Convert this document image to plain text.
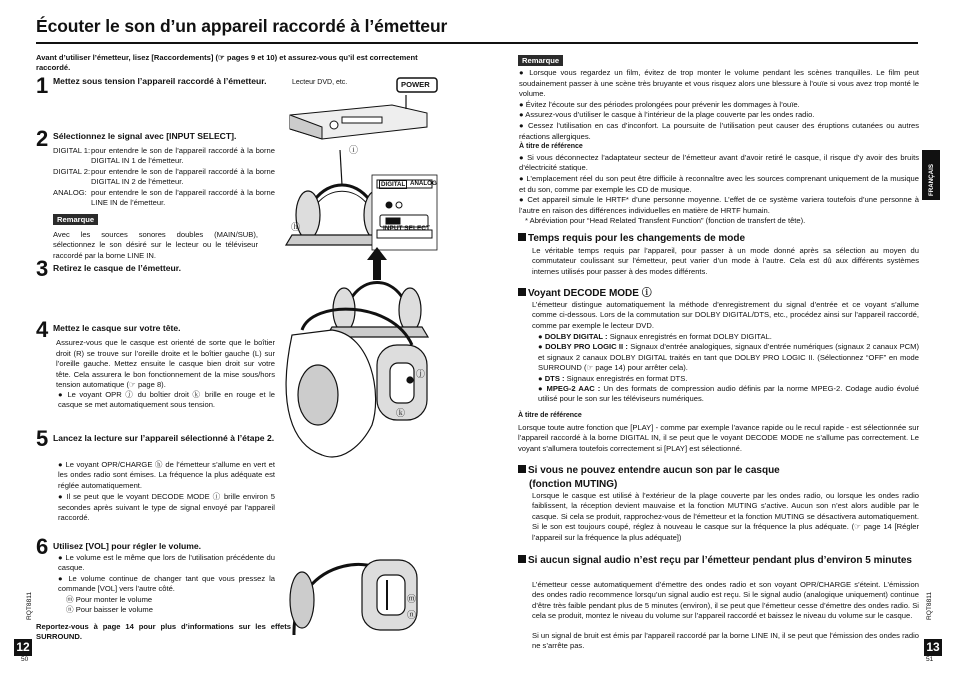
Écouter le son d’un appareil raccordé à l’émetteur
Avant d’utiliser l’émetteur, lisez [Raccordements] (☞ pages 9 et 10) et assurez-vous qu’il est correctement raccordé.
1 Mettez sous tension l’appareil raccordé à l’émetteur.
2 Sélectionnez le signal avec [INPUT SELECT].
DIGITAL 1:	pour entendre le son de l’appareil raccordé à la borne DIGITAL IN 1 de l’émetteur.
DIGITAL 2:	pour entendre le son de l’appareil raccordé à la borne DIGITAL IN 2 de l’émetteur.
ANALOG:	pour entendre le son de l’appareil raccordé à la borne LINE IN de l’émetteur.
Remarque
Avec les sources sonores doubles (MAIN/SUB), sélectionnez le son désiré sur le lecteur ou le téléviseur raccordé par la borne LINE IN.
3 Retirez le casque de l’émetteur.
4 Mettez le casque sur votre tête.
Assurez-vous que le casque est orienté de sorte que le boîtier droit (R) se trouve sur l’oreille droite et le boîtier gauche (L) sur l’oreille gauche. Mettez ensuite le casque bien droit sur votre tête. Cela assurera le bon fonctionnement de la mise sous/hors tension automatique (☞ page 8).
● Le voyant OPR ⓙ du boîtier droit ⓚ brille en rouge et le casque se met automatiquement sous tension.
5 Lancez la lecture sur l’appareil sélectionné à l’étape 2.
● Le voyant OPR/CHARGE ⓗ de l’émetteur s’allume en vert et les ondes radio sont émises. La fréquence la plus adéquate est réglée automatiquement.
● Il se peut que le voyant DECODE MODE ⓘ brille environ 5 secondes après suivant le type de signal envoyé par l’appareil raccordé.
6 Utilisez [VOL] pour régler le volume.
● Le volume est le même que lors de l’utilisation précédente du casque.
● Le volume continue de changer tant que vous pressez la commande [VOL] vers l’autre côté.
ⓜ Pour monter le volume
ⓝ Pour baisser le volume
Reportez-vous à page 14 pour plus d’informations sur les effets SURROUND.
RQT8811
12
50
Lecteur DVD, etc.	POWER
DIGITAL ANALOG
INPUT SELECT
ⓘ
ⓗ
ⓙ
ⓚ
ⓜ
ⓝ
Remarque
● Lorsque vous regardez un film, évitez de trop monter le volume pendant les scènes tranquilles. Le film peut soudainement passer à une scène très bruyante et vous risquez alors une blessure à l’ouïe si vous avez trop monté le volume.
● Évitez l’écoute sur des périodes prolongées pour prévenir les dommages à l’ouïe.
● Assurez-vous d’utiliser le casque à l’intérieur de la plage couverte par les ondes radio.
● Cessez l’utilisation en cas d’inconfort. La poursuite de l’utilisation peut causer des éruptions cutanées ou autres réactions allergiques.
À titre de référence
● Si vous déconnectez l’adaptateur secteur de l’émetteur avant d’avoir retiré le casque, il risque d’y avoir des bruits d’électricité statique.
● L’emplacement réel du son peut être difficile à reconnaître avec les sources comprenant uniquement de la musique et du son, comme par exemple les CD de musique.
● Cet appareil simule le HRTF* d’une personne moyenne. L’effet de ce système variera toutefois d’une personne à l’autre en raison des différences individuelles en matière de HRTF humain.
* Abréviation pour “Head Related Transfent Function” (fonction de transfert de tête).
Temps requis pour les changements de mode
Le véritable temps requis par l’appareil, pour passer à un mode donné après sa sélection au moyen du commutateur coulissant sur l’émetteur, peut varier d’un mode à l’autre. Cela est dû aux différents systèmes internes utilisés pour passer à des modes différents.
Voyant DECODE MODE ⓘ
L’émetteur distingue automatiquement la méthode d’enregistrement du signal d’entrée et ce voyant s’allume comme ci-dessous. Lors de la commutation sur DOLBY DIGITAL/DTS, etc., procédez ainsi sur l’appareil raccordé, comme par exemple le lecteur DVD.
● DOLBY DIGITAL : Signaux enregistrés en format DOLBY DIGITAL.
● DOLBY PRO LOGIC II : Signaux d’entrée analogiques, signaux d’entrée numériques (signaux 2 canaux PCM) et signaux 2 canaux DOLBY DIGITAL traités en tant que DOLBY PRO LOGIC II. (Sélectionnez “OFF” en mode SURROUND (☞ page 14) pour arrêter cela).
● DTS : Signaux enregistrés en format DTS.
● MPEG-2 AAC : Un des formats de compression audio définis par la norme MPEG-2. Codage audio évolué utilisé pour le son sur les téléviseurs numériques.
À titre de référence
Lorsque toute autre fonction que [PLAY] - comme par exemple l’avance rapide ou le recul rapide - est sélectionnée sur l’appareil raccordé à la borne DIGITAL IN, il se peut que le voyant DECODE MODE ne s’allume pas correctement. Le voyant s’allumera toutefois correctement si [PLAY] est sélectionné.
Si vous ne pouvez entendre aucun son par le casque
(fonction MUTING)
Lorsque le casque est utilisé à l’extérieur de la plage couverte par les ondes radio, ou lorsque les ondes radio faiblissent, la réception devient mauvaise et la fonction MUTING s’active. Aucun son n’est alors audible par le casque. Si cela se produit, rapprochez-vous de l’émetteur et la fonction MUTING se désactivera automatiquement. Si le son est toujours coupé, réglez à nouveau le casque sur la fréquence la plus adéquate. (☞ page 14 [Régler l’appareil sur la fréquence la plus adéquate])
Si aucun signal audio n’est reçu par l’émetteur pendant plus d’environ 5 minutes
L’émetteur cesse automatiquement d’émettre des ondes radio et son voyant OPR/CHARGE s’éteint. L’émission des ondes radio recommence lorsqu’un signal audio est reçu. Si le signal audio (analogique uniquement) continue d’être très faible pendant plus de 5 minutes (environ), il se peut que l’émetteur cesse d’émettre des ondes radio. Si cela se produit, montez le niveau du volume sur l’appareil raccordé et baissez le niveau du volume sur le casque.
Si un signal de bruit est émis par l’appareil raccordé par la borne LINE IN, il se peut que l’émission des ondes radio ne s’arrête pas.
FRANÇAIS
RQT8811
13
51
